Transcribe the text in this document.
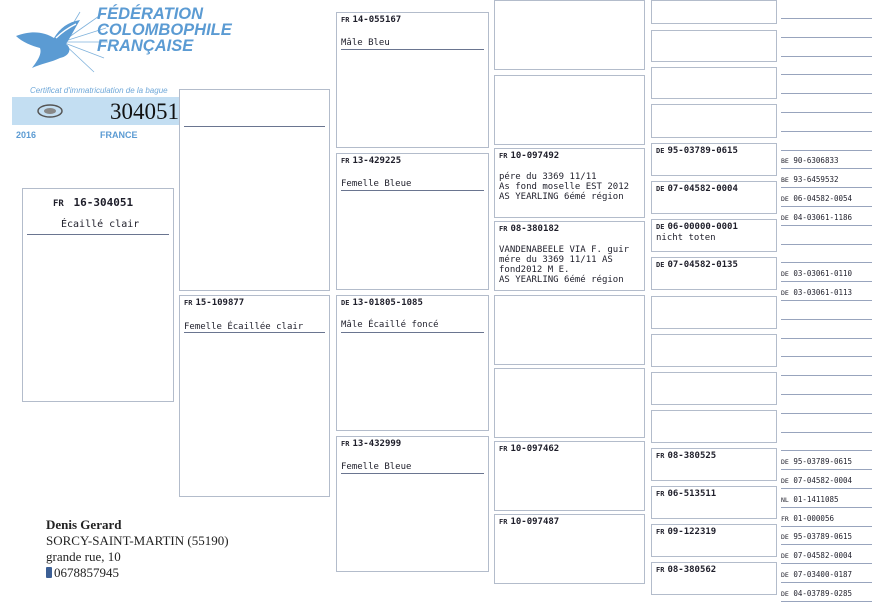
FÉDÉRATION
COLOMBOPHILE
FRANÇAISE
Certificat d'immatriculation de la bague
304051
2016	FRANCE
FR 16-304051
Écaillé clair
FR 15-109877
Femelle Écaillée clair
FR 14-055167
Mâle Bleu
FR 13-429225
Femelle Bleue
DE 13-01805-1085
Mâle Écaillé foncé
FR 13-432999
Femelle Bleue
FR 10-097492
pére du 3369 11/11
As fond moselle EST 2012
AS YEARLING 6émé région
FR 08-380182
VANDENABEELE VIA F. guir
mére du 3369 11/11 AS
fond2012 M E.
AS YEARLING 6émé région
FR 10-097462
FR 10-097487
DE 95-03789-0615
DE 07-04582-0004
DE 06-00000-0001
nicht toten
DE 07-04582-0135
FR 08-380525
FR 06-513511
FR 09-122319
FR 08-380562
BE 90-6306833
BE 93-6459532
DE 06-04582-0054
DE 04-03061-1186
DE 03-03061-0110
DE 03-03061-0113
DE 95-03789-0615
DE 07-04582-0004
NL 01-1411085
FR 01-000056
DE 95-03789-0615
DE 07-04582-0004
DE 07-03400-0187
DE 04-03789-0285
Denis Gerard
SORCY-SAINT-MARTIN (55190)
grande rue, 10
0678857945
